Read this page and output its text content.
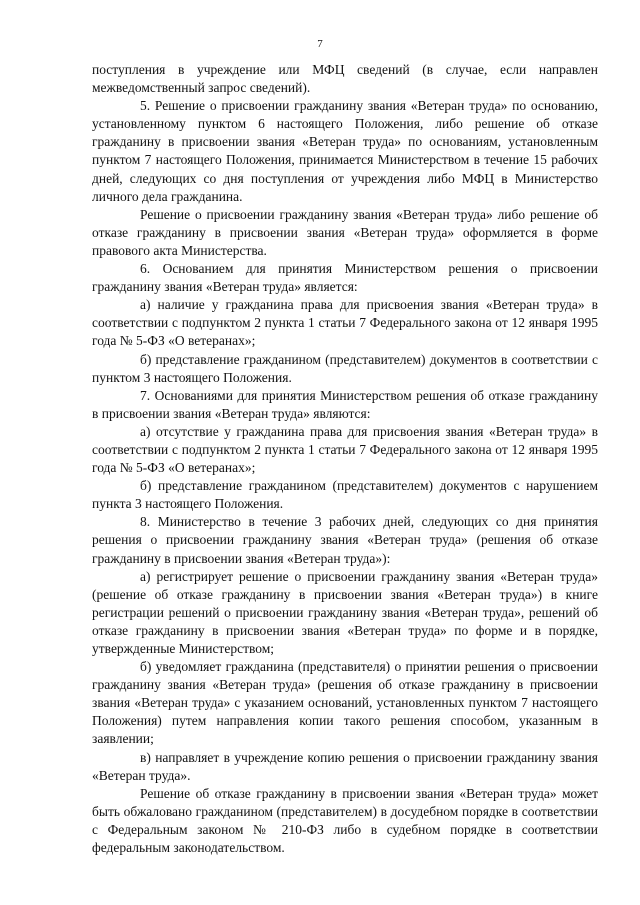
7

поступления в учреждение или МФЦ сведений (в случае, если направлен межведомственный запрос сведений).

5. Решение о присвоении гражданину звания «Ветеран труда» по основанию, установленному пунктом 6 настоящего Положения, либо решение об отказе гражданину в присвоении звания «Ветеран труда» по основаниям, установленным пунктом 7 настоящего Положения, принимается Министерством в течение 15 рабочих дней, следующих со дня поступления от учреждения либо МФЦ в Министерство личного дела гражданина.

Решение о присвоении гражданину звания «Ветеран труда» либо решение об отказе гражданину в присвоении звания «Ветеран труда» оформляется в форме правового акта Министерства.

6. Основанием для принятия Министерством решения о присвоении гражданину звания «Ветеран труда» является:

а) наличие у гражданина права для присвоения звания «Ветеран труда» в соответствии с подпунктом 2 пункта 1 статьи 7 Федерального закона от 12 января 1995 года № 5-ФЗ «О ветеранах»;

б) представление гражданином (представителем) документов в соответствии с пунктом 3 настоящего Положения.

7. Основаниями для принятия Министерством решения об отказе гражданину в присвоении звания «Ветеран труда» являются:

а) отсутствие у гражданина права для присвоения звания «Ветеран труда» в соответствии с подпунктом 2 пункта 1 статьи 7 Федерального закона от 12 января 1995 года № 5-ФЗ «О ветеранах»;

б) представление гражданином (представителем) документов с нарушением пункта 3 настоящего Положения.

8. Министерство в течение 3 рабочих дней, следующих со дня принятия решения о присвоении гражданину звания «Ветеран труда» (решения об отказе гражданину в присвоении звания «Ветеран труда»):

а) регистрирует решение о присвоении гражданину звания «Ветеран труда» (решение об отказе гражданину в присвоении звания «Ветеран труда») в книге регистрации решений о присвоении гражданину звания «Ветеран труда», решений об отказе гражданину в присвоении звания «Ветеран труда» по форме и в порядке, утвержденные Министерством;

б) уведомляет гражданина (представителя) о принятии решения о присвоении гражданину звания «Ветеран труда» (решения об отказе гражданину в присвоении звания «Ветеран труда» с указанием оснований, установленных пунктом 7 настоящего Положения) путем направления копии такого решения способом, указанным в заявлении;

в) направляет в учреждение копию решения о присвоении гражданину звания «Ветеран труда».

Решение об отказе гражданину в присвоении звания «Ветеран труда» может быть обжаловано гражданином (представителем) в досудебном порядке в соответствии с Федеральным законом № 210-ФЗ либо в судебном порядке в соответствии федеральным законодательством.
